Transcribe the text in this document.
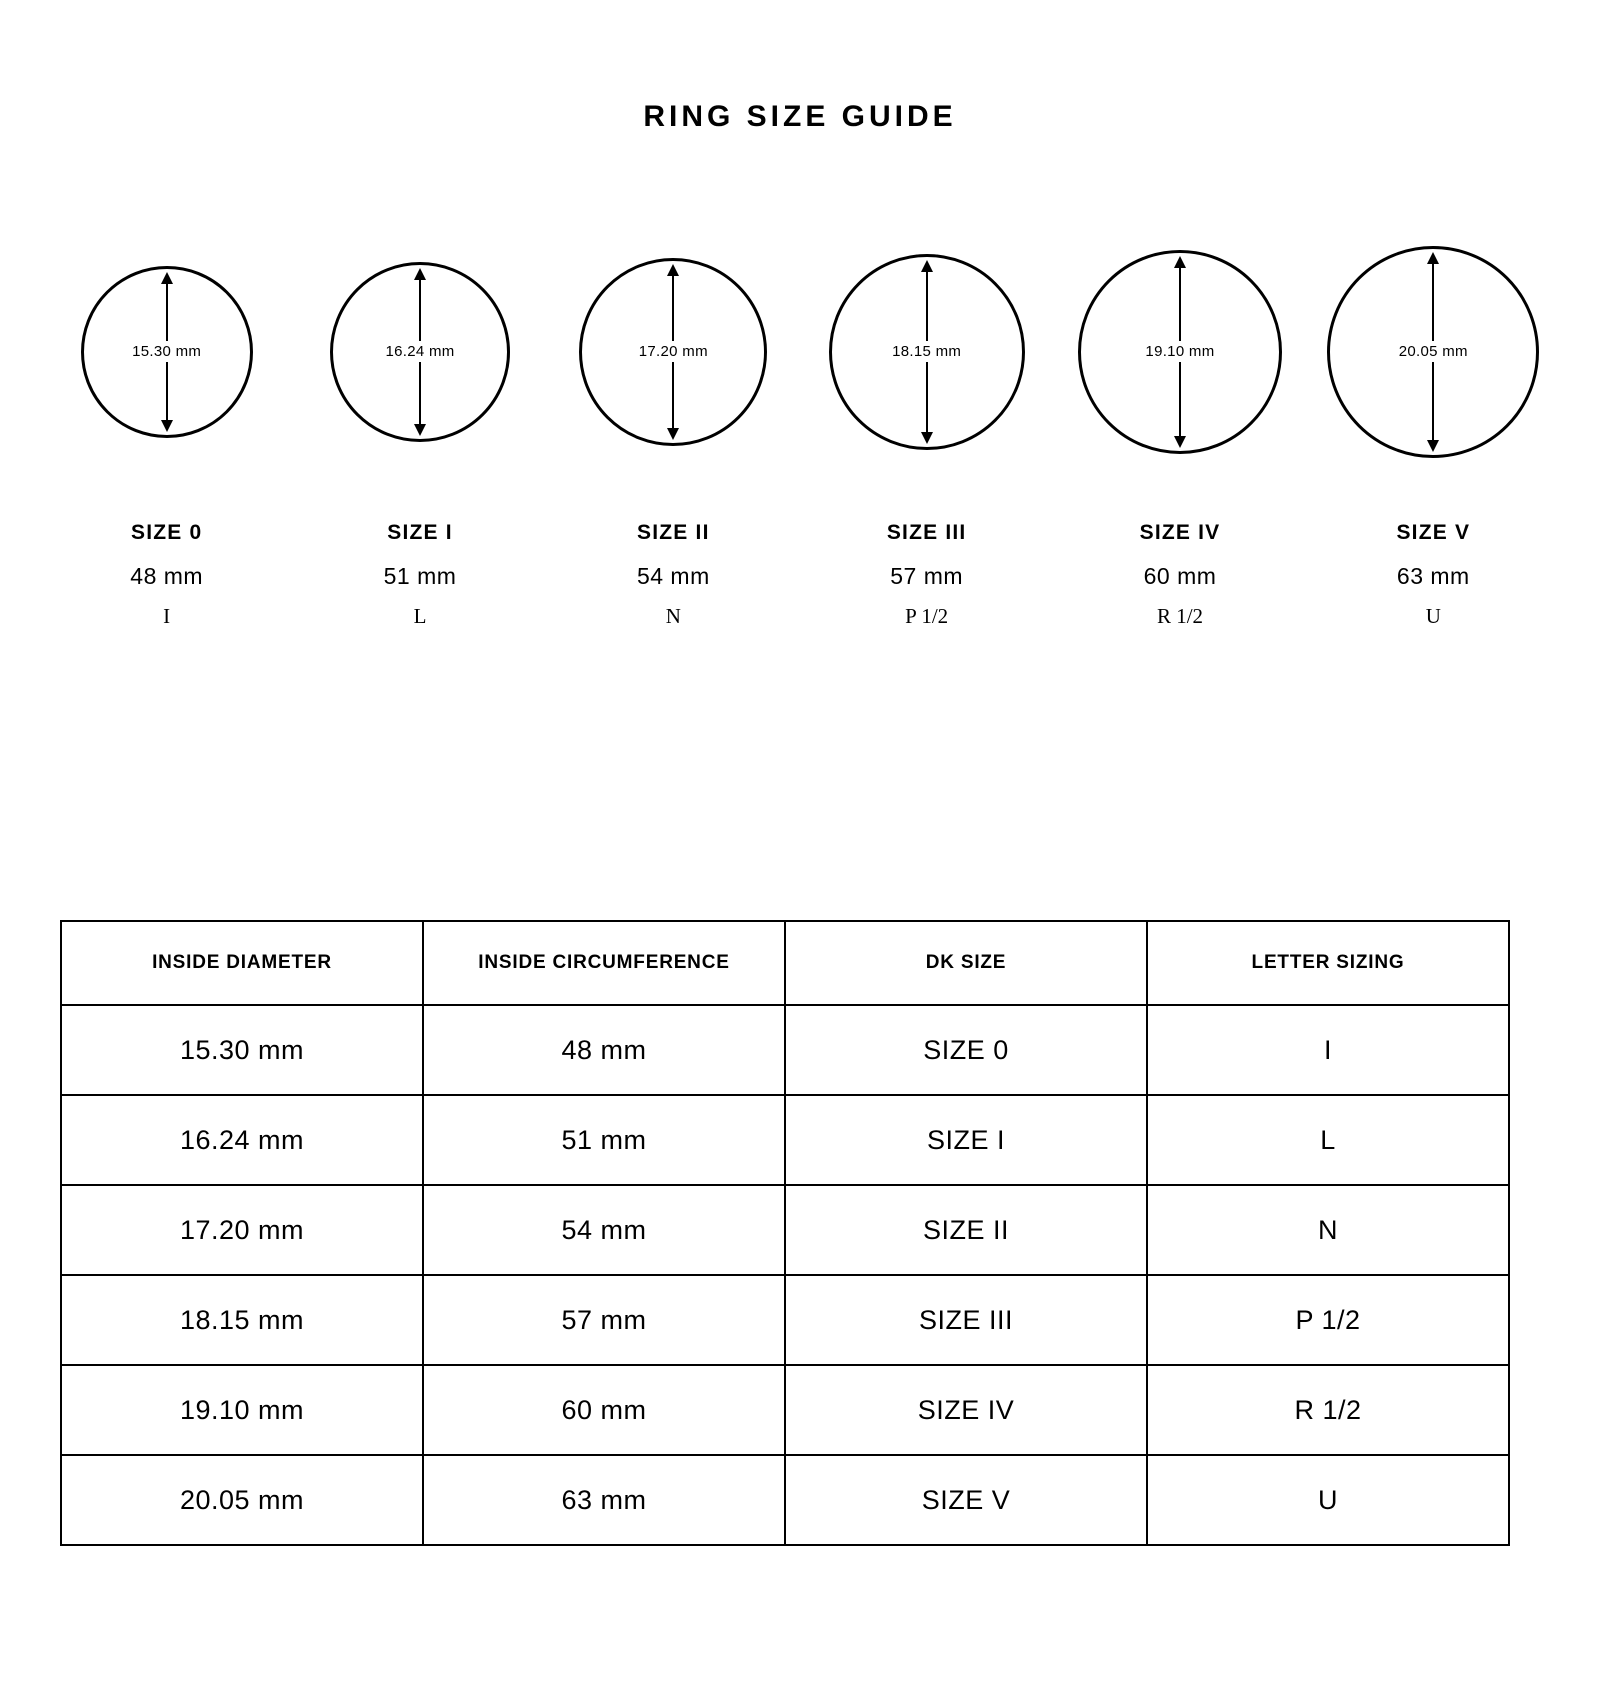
RING SIZE GUIDE
15.30 mm
SIZE 0
48 mm
I
16.24 mm
SIZE I
51 mm
L
17.20 mm
SIZE II
54 mm
N
18.15 mm
SIZE III
57 mm
P 1/2
19.10 mm
SIZE IV
60 mm
R 1/2
20.05 mm
SIZE V
63 mm
U
INSIDE DIAMETER	INSIDE CIRCUMFERENCE	DK SIZE	LETTER SIZING
15.30 mm	48 mm	SIZE 0	I
16.24 mm	51 mm	SIZE I	L
17.20 mm	54 mm	SIZE II	N
18.15 mm	57 mm	SIZE III	P 1/2
19.10 mm	60 mm	SIZE IV	R 1/2
20.05 mm	63 mm	SIZE V	U
